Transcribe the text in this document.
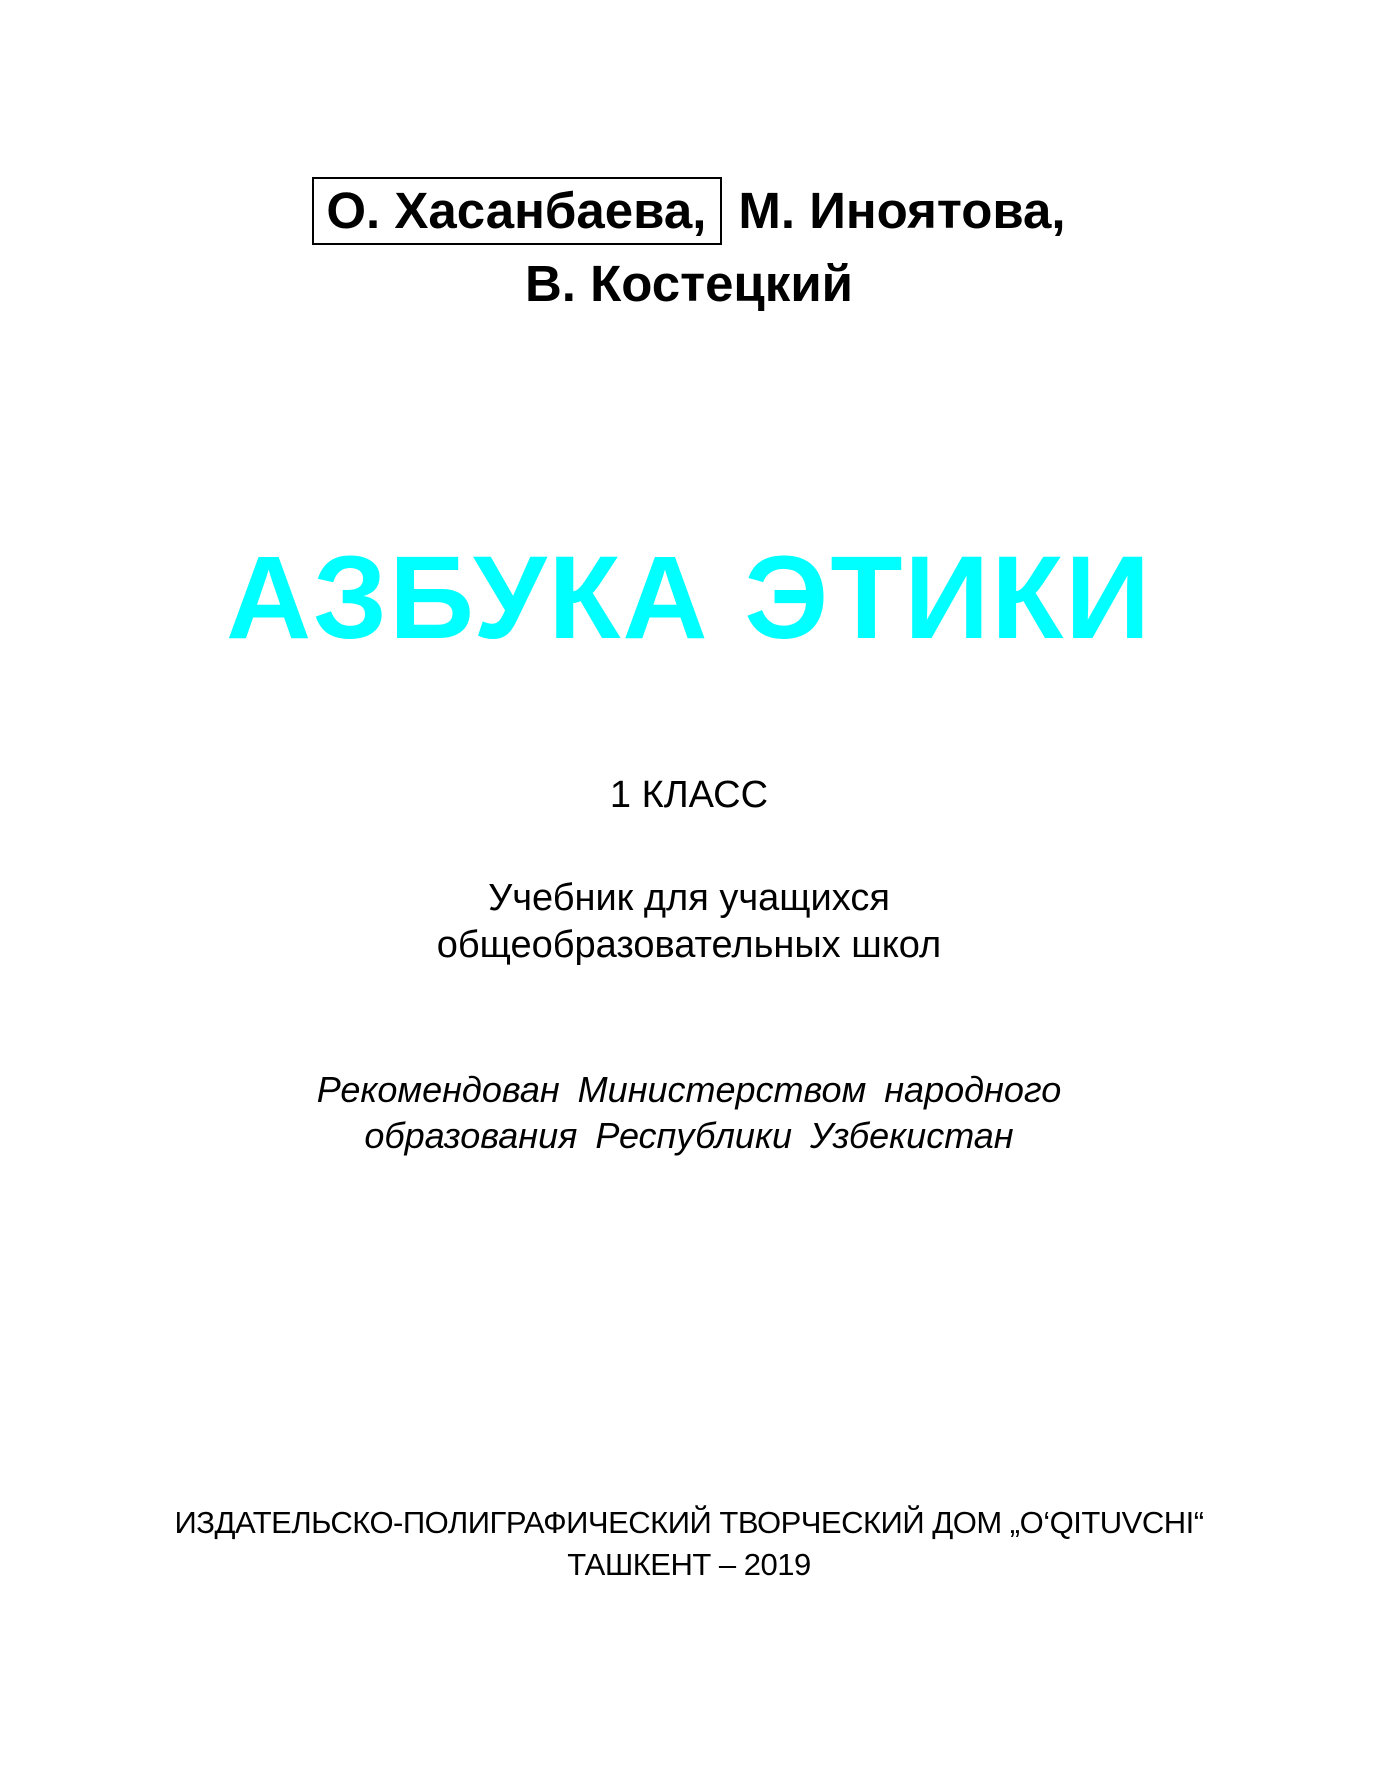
О. Хасанбаева, М. Иноятова,
В. Костецкий
АЗБУКА ЭТИКИ
1 КЛАСС
Учебник для учащихся
общеобразовательных школ
Рекомендован Министерством народного
образования Республики Узбекистан
ИЗДАТЕЛЬСКО-ПОЛИГРАФИЧЕСКИЙ ТВОРЧЕСКИЙ ДОМ „O‘QITUVCHI“
ТАШКЕНТ – 2019
